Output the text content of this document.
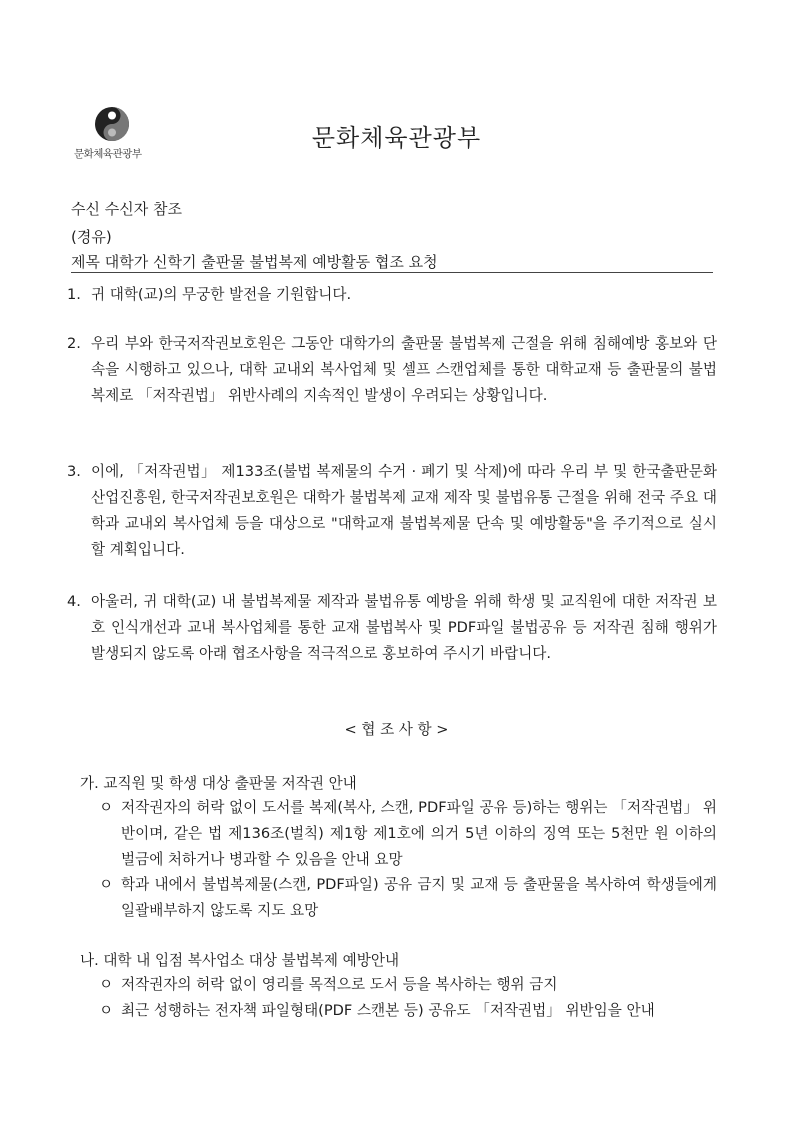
문화체육관광부
문화체육관광부
수신 수신자 참조
(경유)
제목 대학가 신학기 출판물 불법복제 예방활동 협조 요청
1. 귀 대학(교)의 무궁한 발전을 기원합니다.
2. 우리 부와 한국저작권보호원은 그동안 대학가의 출판물 불법복제 근절을 위해 침해예방 홍보와 단속을 시행하고 있으나, 대학 교내외 복사업체 및 셀프 스캔업체를 통한 대학교재 등 출판물의 불법복제로 「저작권법」 위반사례의 지속적인 발생이 우려되는 상황입니다.
3. 이에, 「저작권법」 제133조(불법 복제물의 수거 · 폐기 및 삭제)에 따라 우리 부 및 한국출판문화산업진흥원, 한국저작권보호원은 대학가 불법복제 교재 제작 및 불법유통 근절을 위해 전국 주요 대학과 교내외 복사업체 등을 대상으로 "대학교재 불법복제물 단속 및 예방활동"을 주기적으로 실시할 계획입니다.
4. 아울러, 귀 대학(교) 내 불법복제물 제작과 불법유통 예방을 위해 학생 및 교직원에 대한 저작권 보호 인식개선과 교내 복사업체를 통한 교재 불법복사 및 PDF파일 불법공유 등 저작권 침해 행위가 발생되지 않도록 아래 협조사항을 적극적으로 홍보하여 주시기 바랍니다.
< 협 조 사 항 >
가. 교직원 및 학생 대상 출판물 저작권 안내
ㅇ 저작권자의 허락 없이 도서를 복제(복사, 스캔, PDF파일 공유 등)하는 행위는 「저작권법」 위반이며, 같은 법 제136조(벌칙) 제1항 제1호에 의거 5년 이하의 징역 또는 5천만 원 이하의 벌금에 처하거나 병과할 수 있음을 안내 요망
ㅇ 학과 내에서 불법복제물(스캔, PDF파일) 공유 금지 및 교재 등 출판물을 복사하여 학생들에게 일괄배부하지 않도록 지도 요망
나. 대학 내 입점 복사업소 대상 불법복제 예방안내
ㅇ 저작권자의 허락 없이 영리를 목적으로 도서 등을 복사하는 행위 금지
ㅇ 최근 성행하는 전자책 파일형태(PDF 스캔본 등) 공유도 「저작권법」 위반임을 안내
